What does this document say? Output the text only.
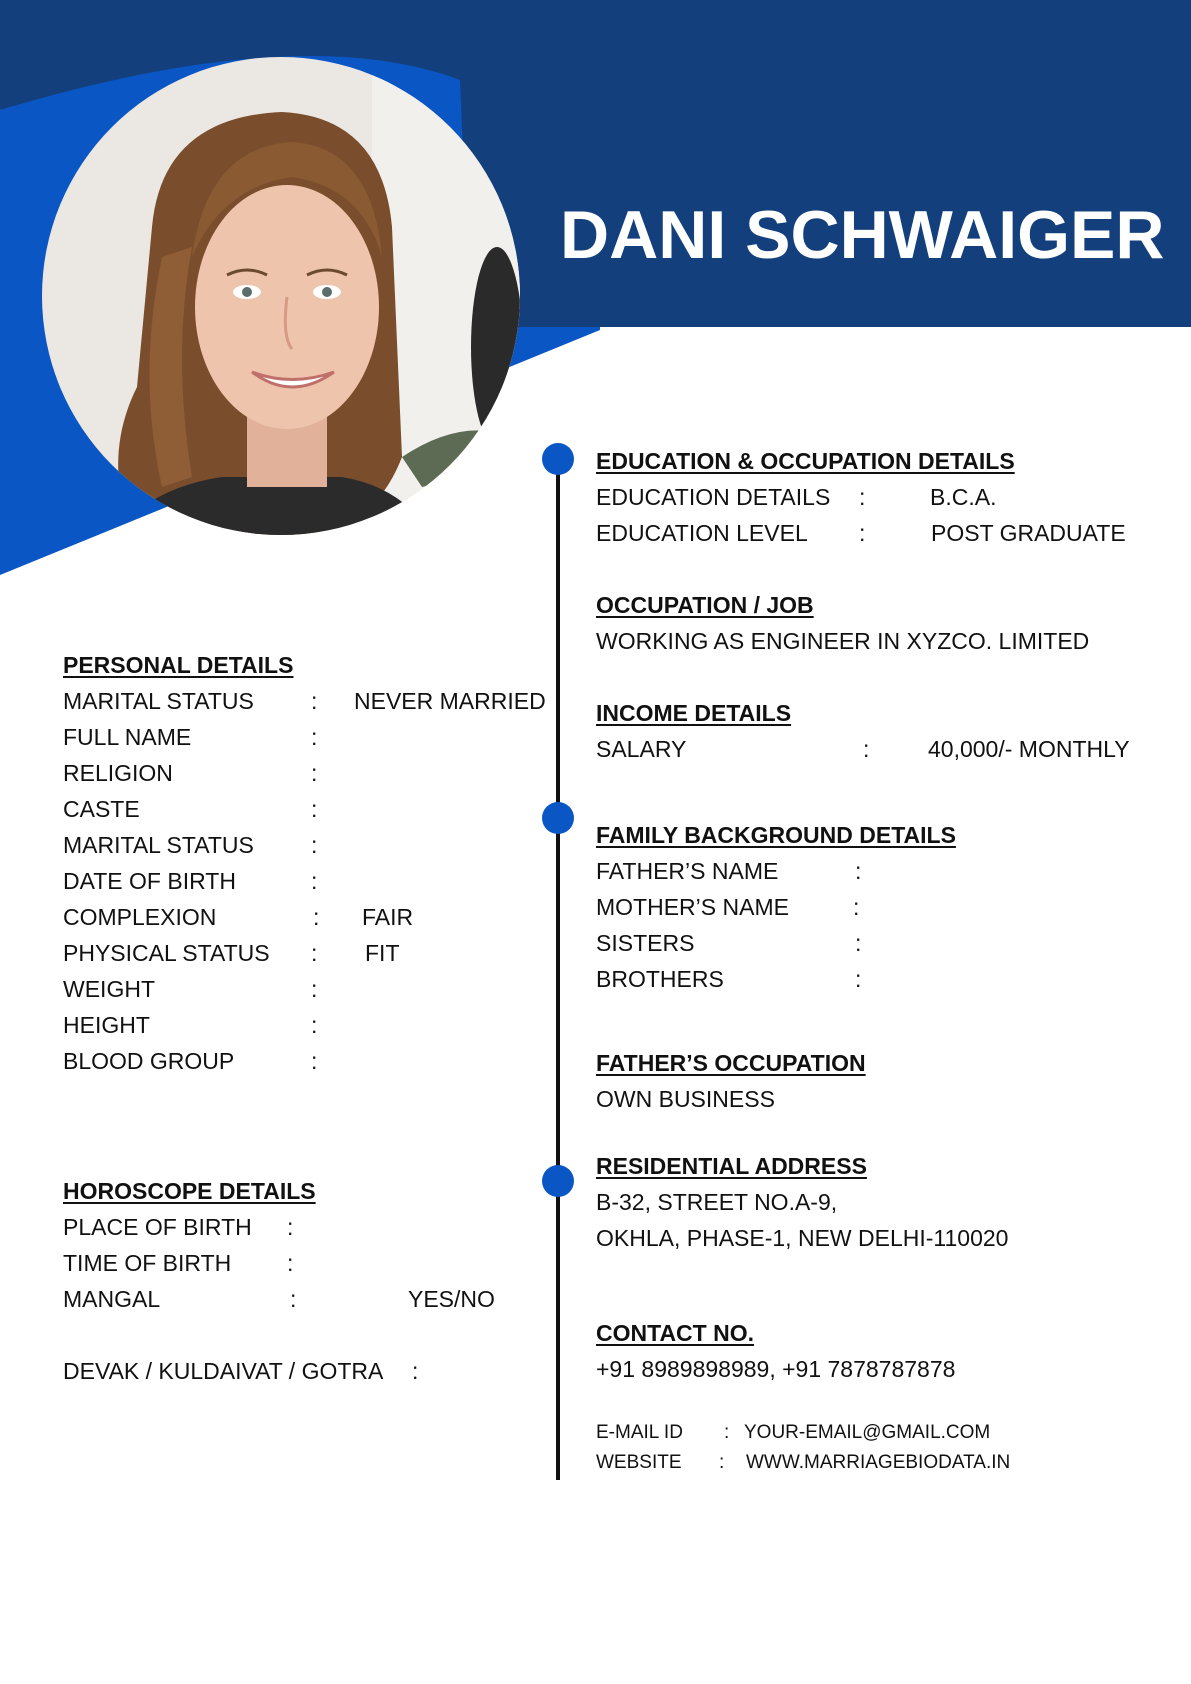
DANI SCHWAIGER
PERSONAL DETAILS
MARITAL STATUS : NEVER MARRIED
FULL NAME	:
RELIGION	:
CASTE	:
MARITAL STATUS :
DATE OF BIRTH	:
COMPLEXION	: FAIR
PHYSICAL STATUS : FIT
WEIGHT	:
HEIGHT	:
BLOOD GROUP	:
HOROSCOPE DETAILS
PLACE OF BIRTH :
TIME OF BIRTH :
MANGAL	:	YES/NO
DEVAK / KULDAIVAT / GOTRA :
EDUCATION & OCCUPATION DETAILS
EDUCATION DETAILS :	B.C.A.
EDUCATION LEVEL :	POST GRADUATE
OCCUPATION / JOB
WORKING AS ENGINEER IN XYZCO. LIMITED
INCOME DETAILS
SALARY	:	40,000/- MONTHLY
FAMILY BACKGROUND DETAILS
FATHER’S NAME	:
MOTHER’S NAME	:
SISTERS	:
BROTHERS	:
FATHER’S OCCUPATION
OWN BUSINESS
RESIDENTIAL ADDRESS
B-32, STREET NO.A-9,
OKHLA, PHASE-1, NEW DELHI-110020
CONTACT NO.
+91 8989898989, +91 7878787878
E-MAIL ID : YOUR-EMAIL@GMAIL.COM
WEBSITE : WWW.MARRIAGEBIODATA.IN
